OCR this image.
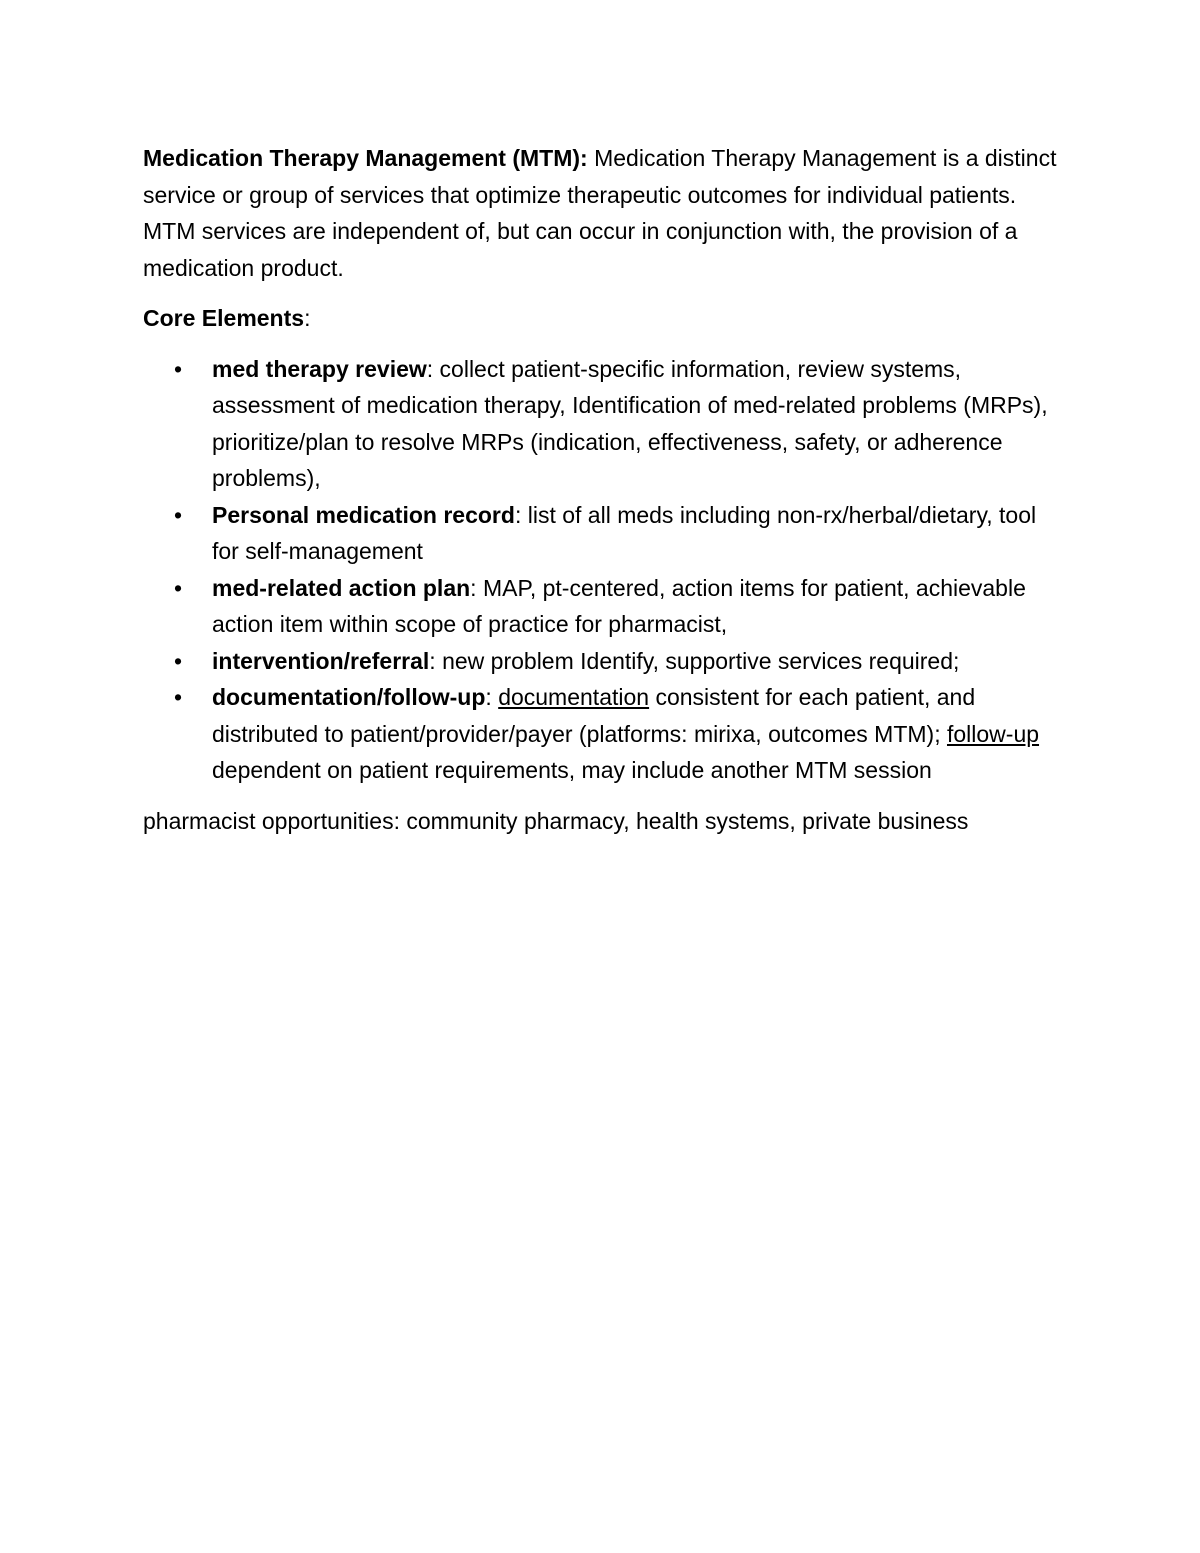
Medication Therapy Management (MTM): Medication Therapy Management is a distinct service or group of services that optimize therapeutic outcomes for individual patients. MTM services are independent of, but can occur in conjunction with, the provision of a medication product.

Core Elements:

• med therapy review: collect patient-specific information, review systems, assessment of medication therapy, Identification of med-related problems (MRPs), prioritize/plan to resolve MRPs (indication, effectiveness, safety, or adherence problems),
• Personal medication record: list of all meds including non-rx/herbal/dietary, tool for self-management
• med-related action plan: MAP, pt-centered, action items for patient, achievable action item within scope of practice for pharmacist,
• intervention/referral: new problem Identify, supportive services required;
• documentation/follow-up: documentation consistent for each patient, and distributed to patient/provider/payer (platforms: mirixa, outcomes MTM); follow-up dependent on patient requirements, may include another MTM session

pharmacist opportunities: community pharmacy, health systems, private business
